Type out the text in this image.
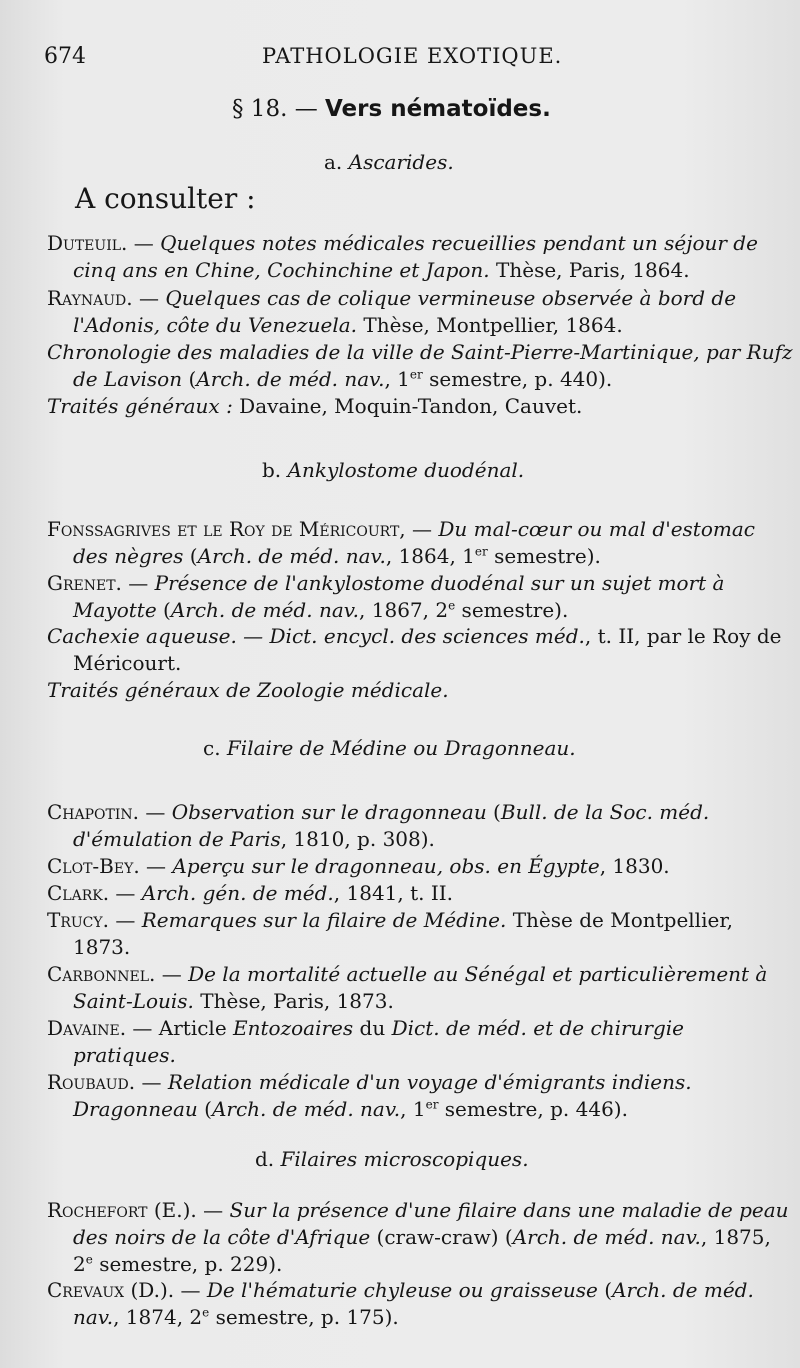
674	PATHOLOGIE EXOTIQUE.
§ 18. — Vers nématoïdes.
a. Ascarides.
A consulter :
Duteuil. — Quelques notes médicales recueillies pendant un séjour de cinq ans en Chine, Cochinchine et Japon. Thèse, Paris, 1864.
Raynaud. — Quelques cas de colique vermineuse observée à bord de l'Adonis, côte du Venezuela. Thèse, Montpellier, 1864.
Chronologie des maladies de la ville de Saint-Pierre-Martinique, par Rufz de Lavison (Arch. de méd. nav., 1er semestre, p. 440).
Traités généraux : Davaine, Moquin-Tandon, Cauvet.
b. Ankylostome duodénal.
Fonssagrives et le Roy de Méricourt, — Du mal-cœur ou mal d'estomac des nègres (Arch. de méd. nav., 1864, 1er semestre).
Grenet. — Présence de l'ankylostome duodénal sur un sujet mort à Mayotte (Arch. de méd. nav., 1867, 2e semestre).
Cachexie aqueuse. — Dict. encycl. des sciences méd., t. II, par le Roy de Méricourt.
Traités généraux de Zoologie médicale.
c. Filaire de Médine ou Dragonneau.
Chapotin. — Observation sur le dragonneau (Bull. de la Soc. méd. d'émulation de Paris, 1810, p. 308).
Clot-Bey. — Aperçu sur le dragonneau, obs. en Égypte, 1830.
Clark. — Arch. gén. de méd., 1841, t. II.
Trucy. — Remarques sur la filaire de Médine. Thèse de Montpellier, 1873.
Carbonnel. — De la mortalité actuelle au Sénégal et particulièrement à Saint-Louis. Thèse, Paris, 1873.
Davaine. — Article Entozoaires du Dict. de méd. et de chirurgie pratiques.
Roubaud. — Relation médicale d'un voyage d'émigrants indiens. Dragonneau (Arch. de méd. nav., 1er semestre, p. 446).
d. Filaires microscopiques.
Rochefort (E.). — Sur la présence d'une filaire dans une maladie de peau des noirs de la côte d'Afrique (craw-craw) (Arch. de méd. nav., 1875, 2e semestre, p. 229).
Crevaux (D.). — De l'hématurie chyleuse ou graisseuse (Arch. de méd. nav., 1874, 2e semestre, p. 175).
